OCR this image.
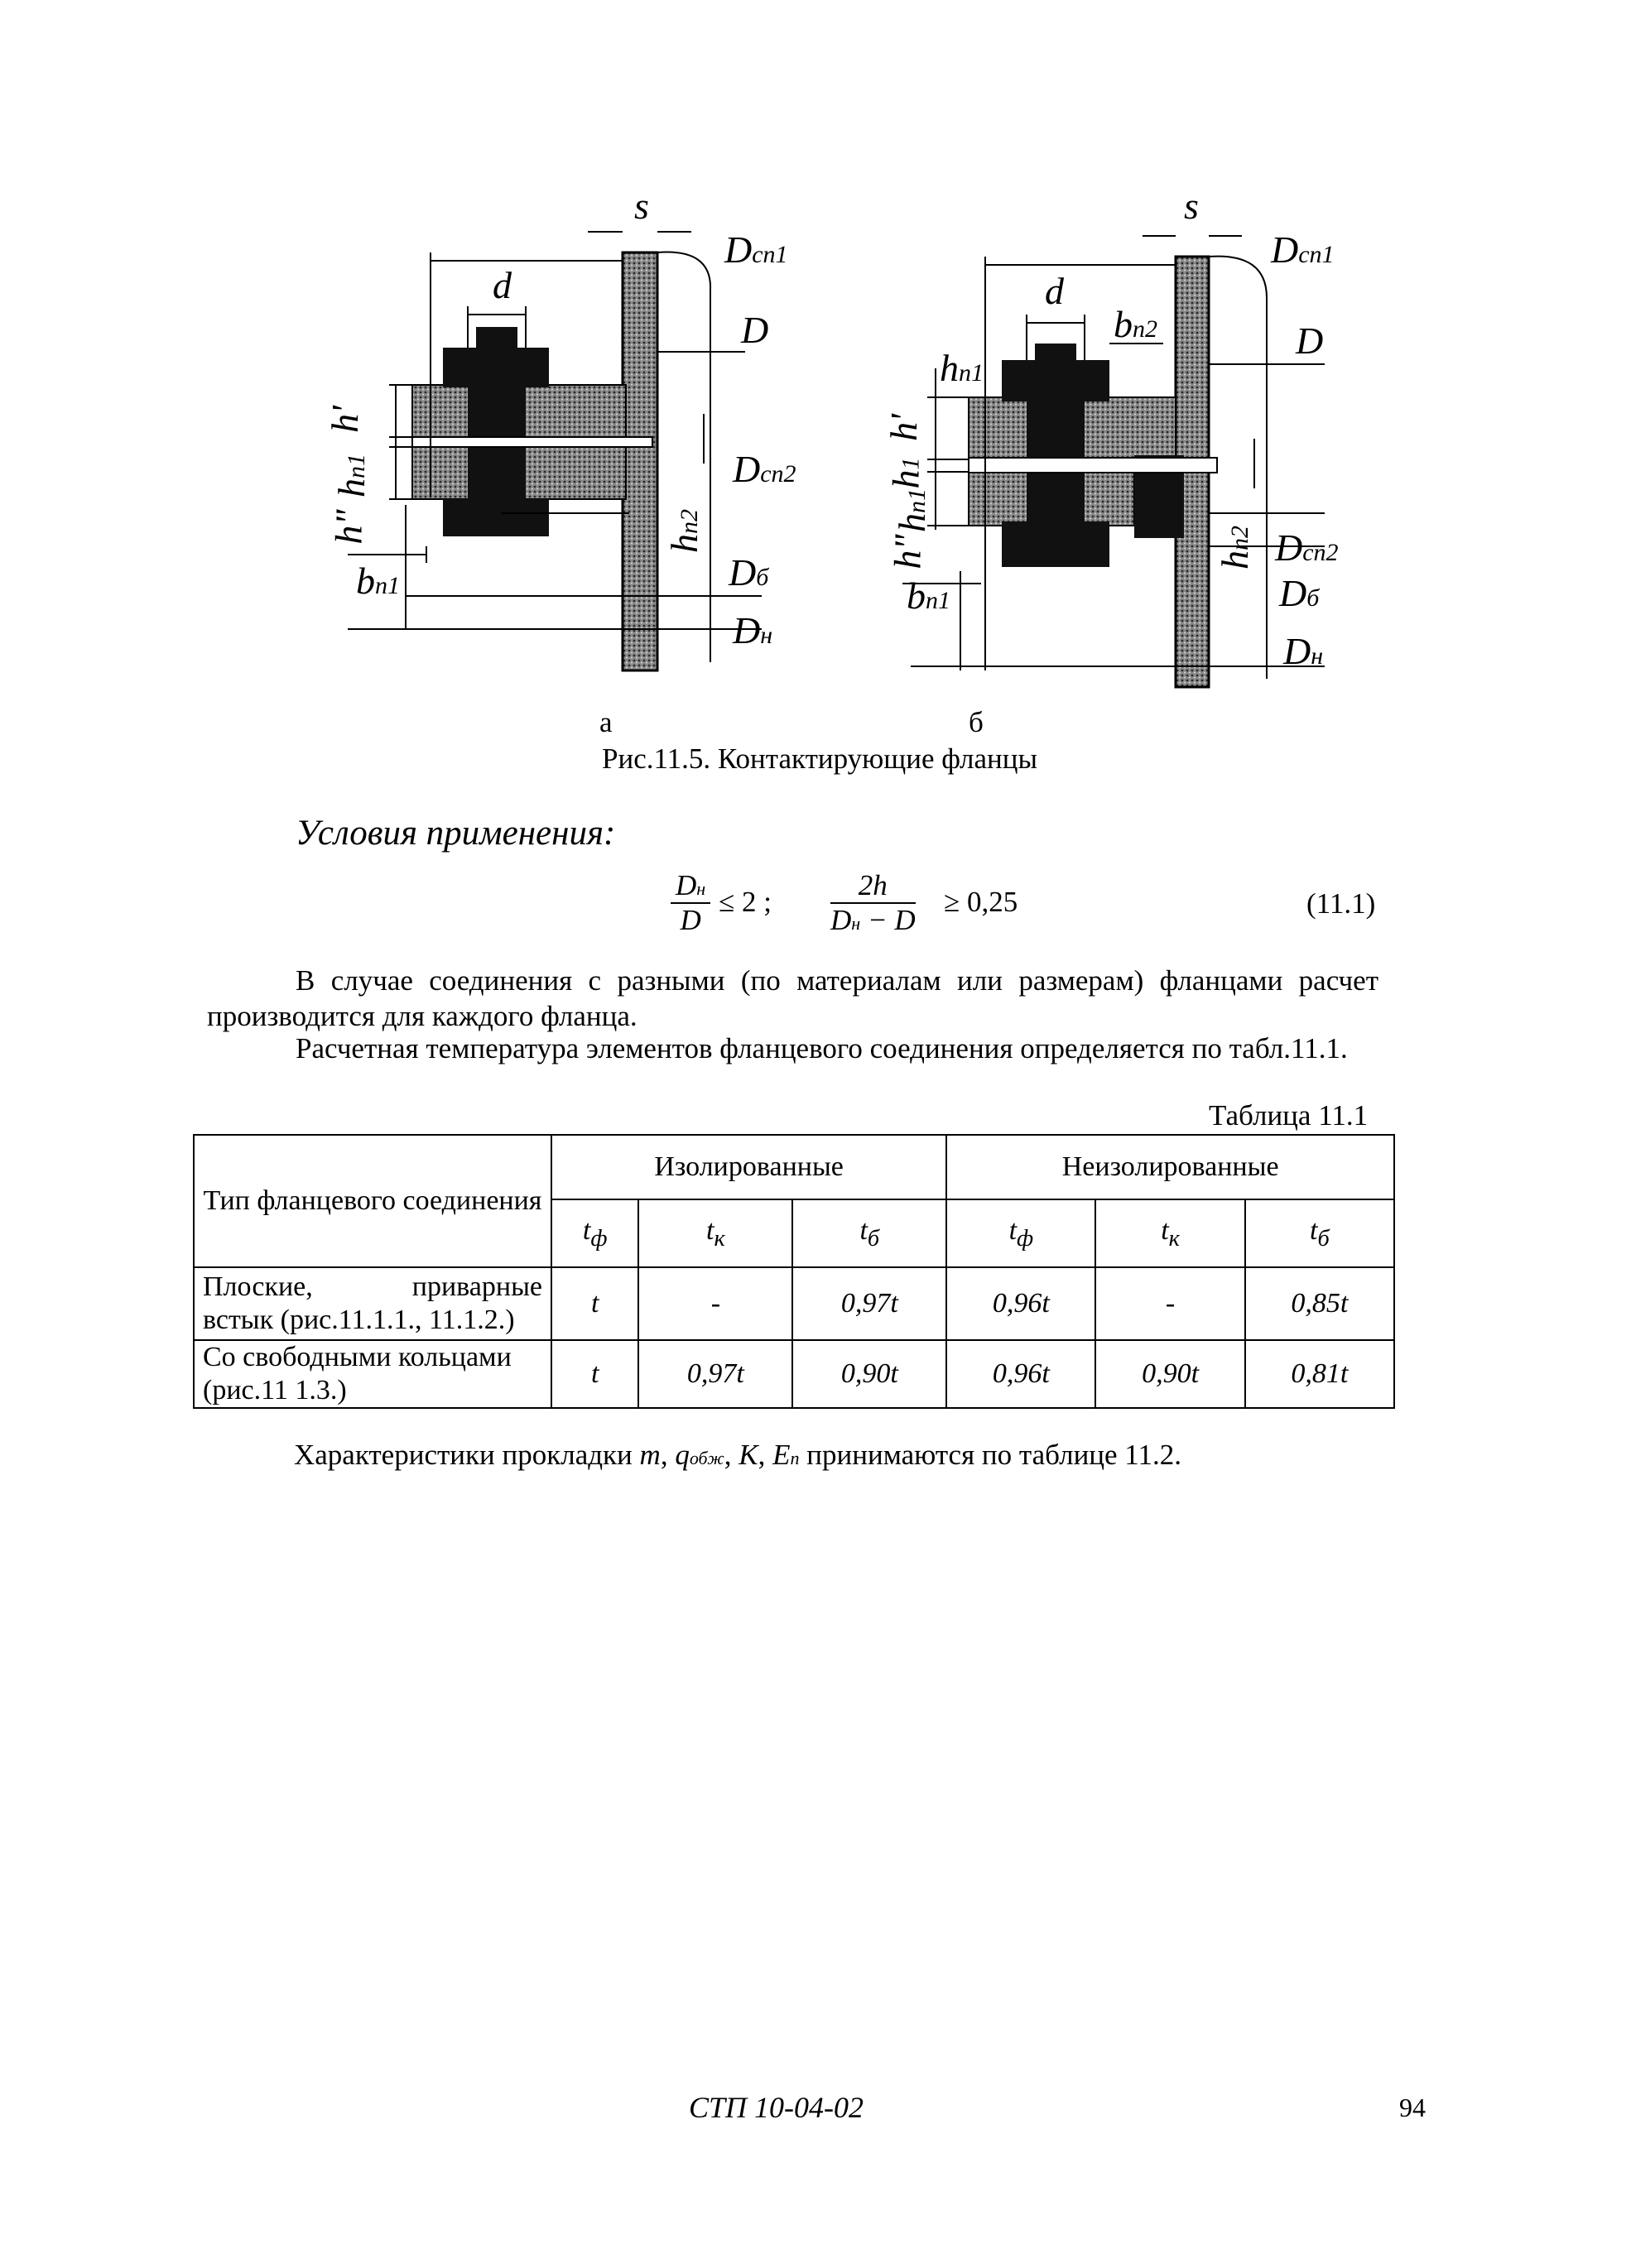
s
Dсп1
d
D
h'
hп1
h"
Dсп2
hп2
bп1	Dб
Dн
s
Dсп1
d
bп2	D
hп1
h'
h1
hп1
h"	hп2 Dсп2
Dб
bп1
Dн
а	б
Рис.11.5. Контактирующие фланцы
Условия применения:
Dн
D
≤ 2 ;
2h
Dн − D
≥ 0,25	(11.1)
В случае соединения с разными (по материалам или размерам) фланцами расчет производится для каждого фланца.
Расчетная температура элементов фланцевого соединения определяется по табл.11.1.
Таблица 11.1
Тип фланцевого соединения	Изолированные			Неизолированные		
	$t_ф$	$t_к$	$t_б$	$t_ф$	$t_к$	$t_б$

Плоские, приварные
встык (рис.11.1.1., 11.1.2.)	t	-	0,97t	0,96t	-	0,85t

Со свободными кольцами
(рис.11 1.3.)	t	0,97t	0,90t	0,96t	0,90t	0,81t
Характеристики прокладки m, qобж, K, Eп принимаются по таблице 11.2.
СТП 10-04-02	94
